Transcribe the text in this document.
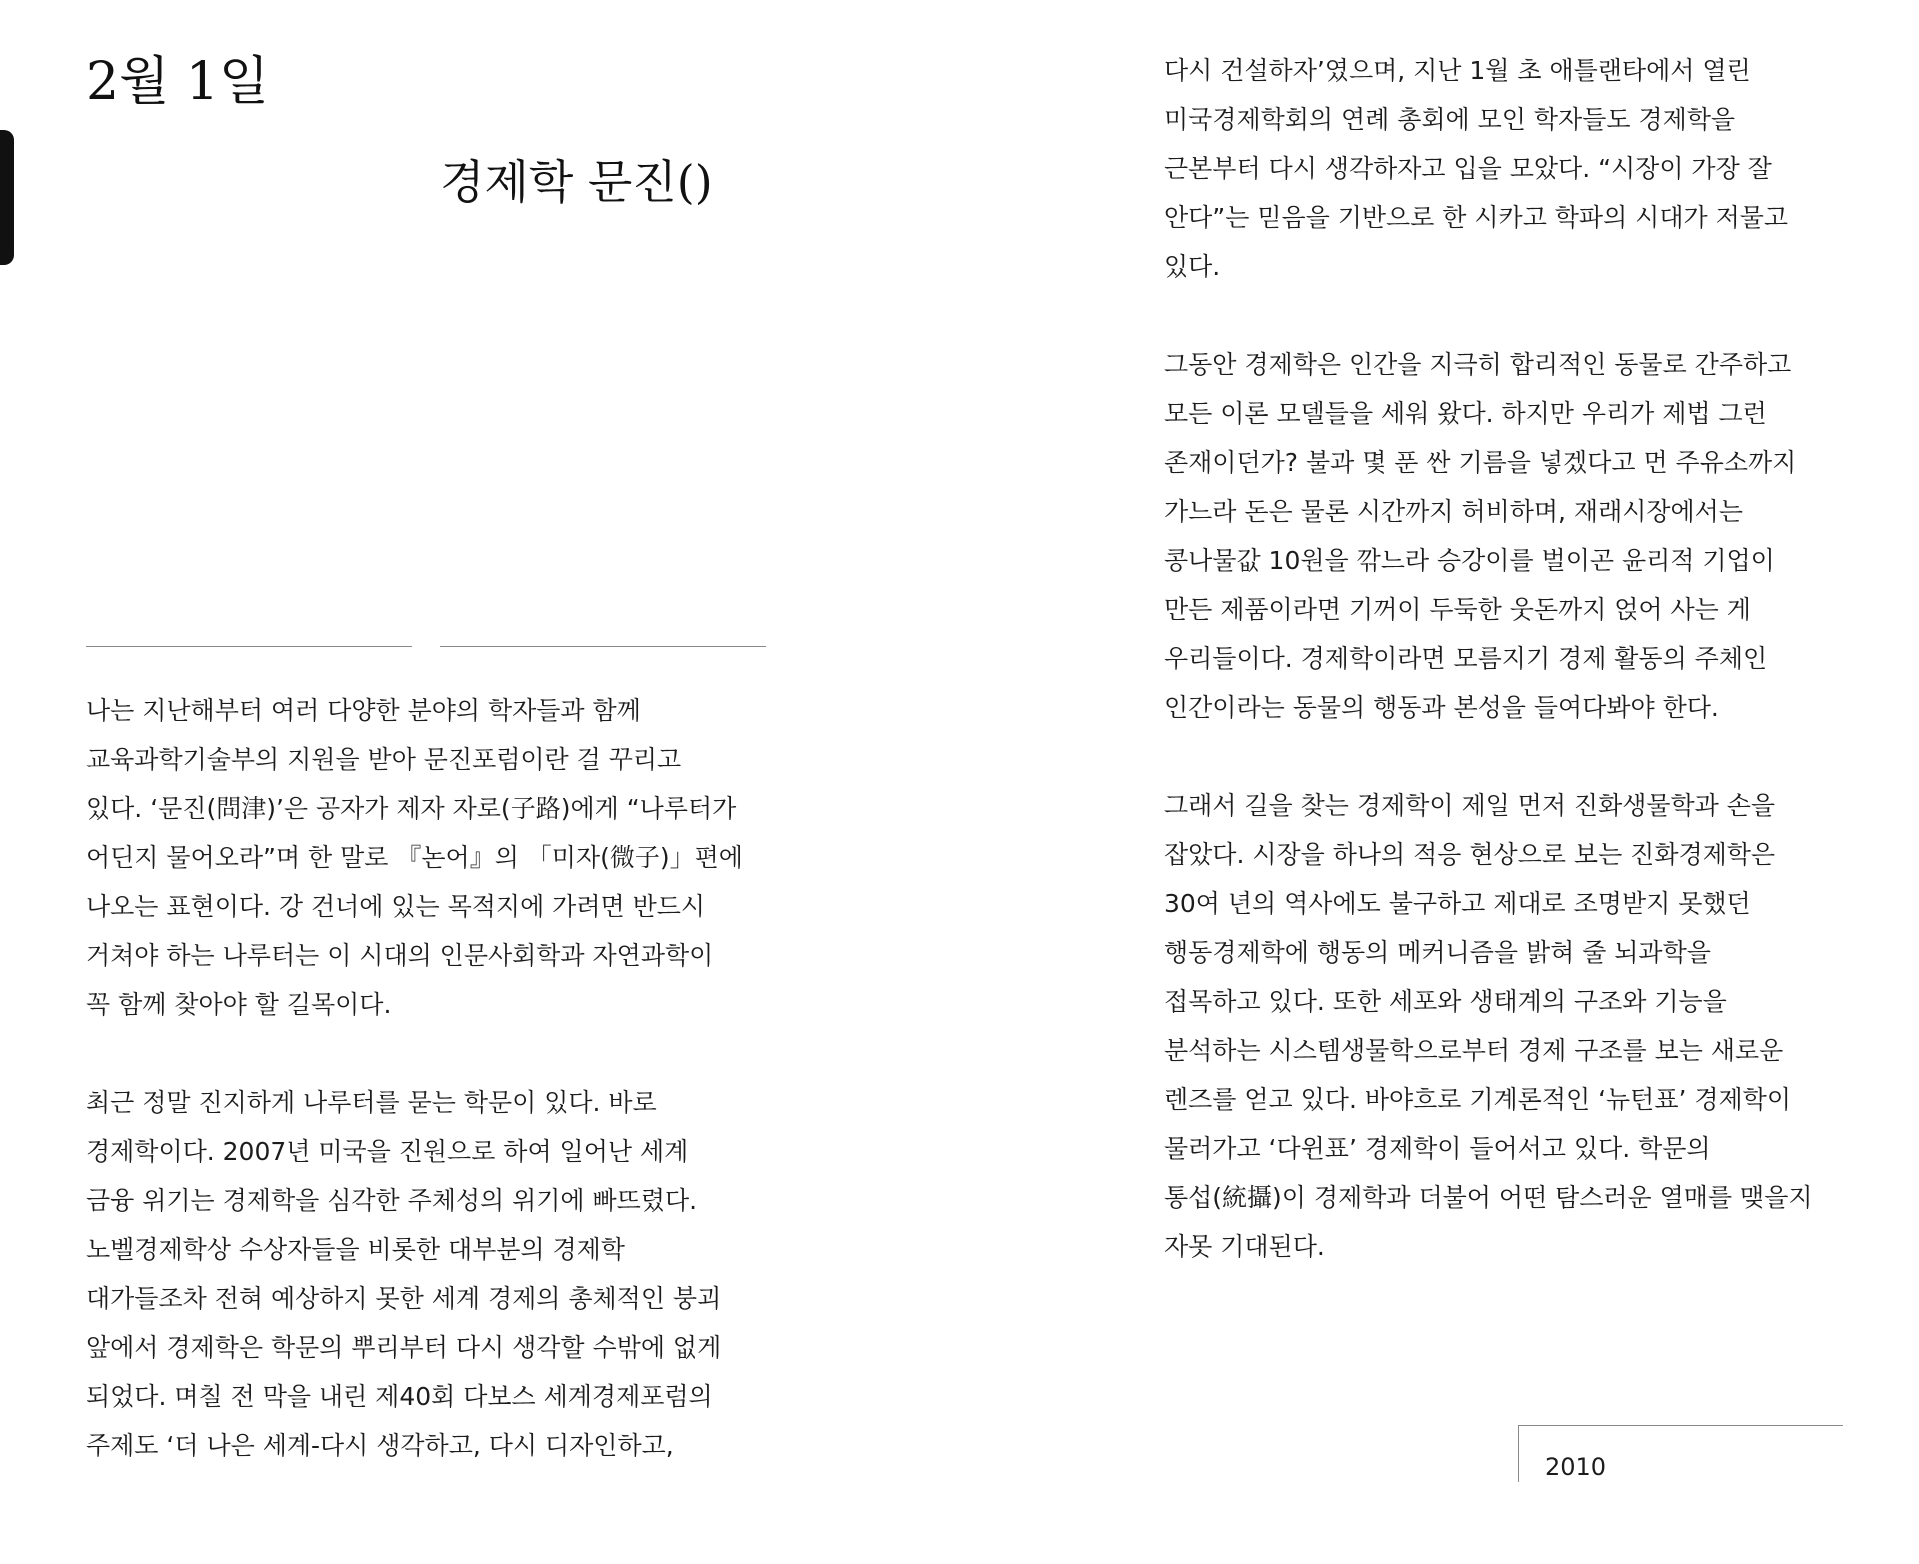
2월 1일
경제학 문진()

나는 지난해부터 여러 다양한 분야의 학자들과 함께
교육과학기술부의 지원을 받아 문진포럼이란 걸 꾸리고
있다. ‘문진(問津)’은 공자가 제자 자로(子路)에게 “나루터가
어딘지 물어오라”며 한 말로 『논어』의 「미자(微子)」편에
나오는 표현이다. 강 건너에 있는 목적지에 가려면 반드시
거쳐야 하는 나루터는 이 시대의 인문사회학과 자연과학이
꼭 함께 찾아야 할 길목이다.

최근 정말 진지하게 나루터를 묻는 학문이 있다. 바로
경제학이다. 2007년 미국을 진원으로 하여 일어난 세계
금융 위기는 경제학을 심각한 주체성의 위기에 빠뜨렸다.
노벨경제학상 수상자들을 비롯한 대부분의 경제학
대가들조차 전혀 예상하지 못한 세계 경제의 총체적인 붕괴
앞에서 경제학은 학문의 뿌리부터 다시 생각할 수밖에 없게
되었다. 며칠 전 막을 내린 제40회 다보스 세계경제포럼의
주제도 ‘더 나은 세계-다시 생각하고, 다시 디자인하고,

다시 건설하자’였으며, 지난 1월 초 애틀랜타에서 열린
미국경제학회의 연례 총회에 모인 학자들도 경제학을
근본부터 다시 생각하자고 입을 모았다. “시장이 가장 잘
안다”는 믿음을 기반으로 한 시카고 학파의 시대가 저물고
있다.

그동안 경제학은 인간을 지극히 합리적인 동물로 간주하고
모든 이론 모델들을 세워 왔다. 하지만 우리가 제법 그런
존재이던가? 불과 몇 푼 싼 기름을 넣겠다고 먼 주유소까지
가느라 돈은 물론 시간까지 허비하며, 재래시장에서는
콩나물값 10원을 깎느라 승강이를 벌이곤 윤리적 기업이
만든 제품이라면 기꺼이 두둑한 웃돈까지 얹어 사는 게
우리들이다. 경제학이라면 모름지기 경제 활동의 주체인
인간이라는 동물의 행동과 본성을 들여다봐야 한다.

그래서 길을 찾는 경제학이 제일 먼저 진화생물학과 손을
잡았다. 시장을 하나의 적응 현상으로 보는 진화경제학은
30여 년의 역사에도 불구하고 제대로 조명받지 못했던
행동경제학에 행동의 메커니즘을 밝혀 줄 뇌과학을
접목하고 있다. 또한 세포와 생태계의 구조와 기능을
분석하는 시스템생물학으로부터 경제 구조를 보는 새로운
렌즈를 얻고 있다. 바야흐로 기계론적인 ‘뉴턴표’ 경제학이
물러가고 ‘다윈표’ 경제학이 들어서고 있다. 학문의
통섭(統攝)이 경제학과 더불어 어떤 탐스러운 열매를 맺을지
자못 기대된다.

2010
